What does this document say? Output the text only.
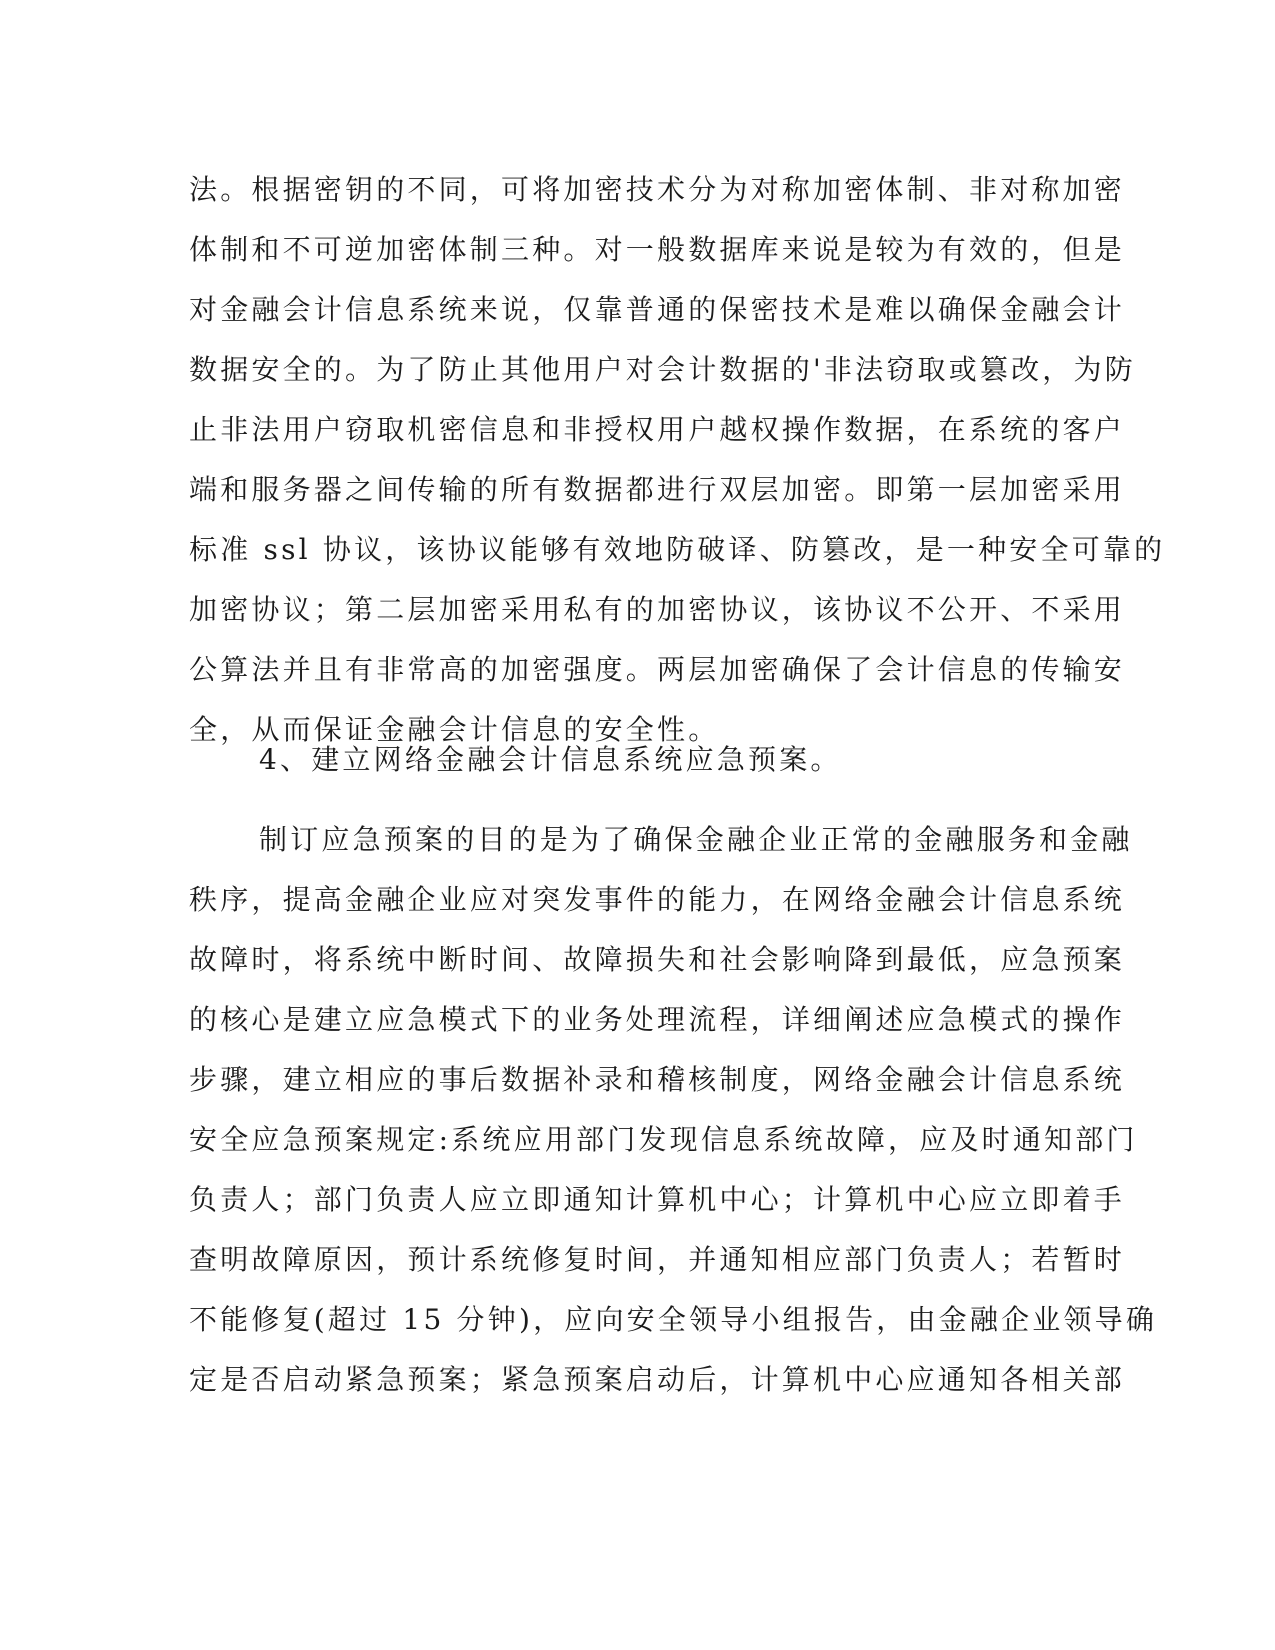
法。根据密钥的不同，可将加密技术分为对称加密体制、非对称加密
体制和不可逆加密体制三种。对一般数据库来说是较为有效的，但是
对金融会计信息系统来说，仅靠普通的保密技术是难以确保金融会计
数据安全的。为了防止其他用户对会计数据的'非法窃取或篡改，为防
止非法用户窃取机密信息和非授权用户越权操作数据，在系统的客户
端和服务器之间传输的所有数据都进行双层加密。即第一层加密采用
标准 ssl 协议，该协议能够有效地防破译、防篡改，是一种安全可靠的
加密协议；第二层加密采用私有的加密协议，该协议不公开、不采用
公算法并且有非常高的加密强度。两层加密确保了会计信息的传输安
全，从而保证金融会计信息的安全性。
4、建立网络金融会计信息系统应急预案。
制订应急预案的目的是为了确保金融企业正常的金融服务和金融
秩序，提高金融企业应对突发事件的能力，在网络金融会计信息系统
故障时，将系统中断时间、故障损失和社会影响降到最低，应急预案
的核心是建立应急模式下的业务处理流程，详细阐述应急模式的操作
步骤，建立相应的事后数据补录和稽核制度，网络金融会计信息系统
安全应急预案规定:系统应用部门发现信息系统故障，应及时通知部门
负责人；部门负责人应立即通知计算机中心；计算机中心应立即着手
查明故障原因，预计系统修复时间，并通知相应部门负责人；若暂时
不能修复(超过 15 分钟)，应向安全领导小组报告，由金融企业领导确
定是否启动紧急预案；紧急预案启动后，计算机中心应通知各相关部
